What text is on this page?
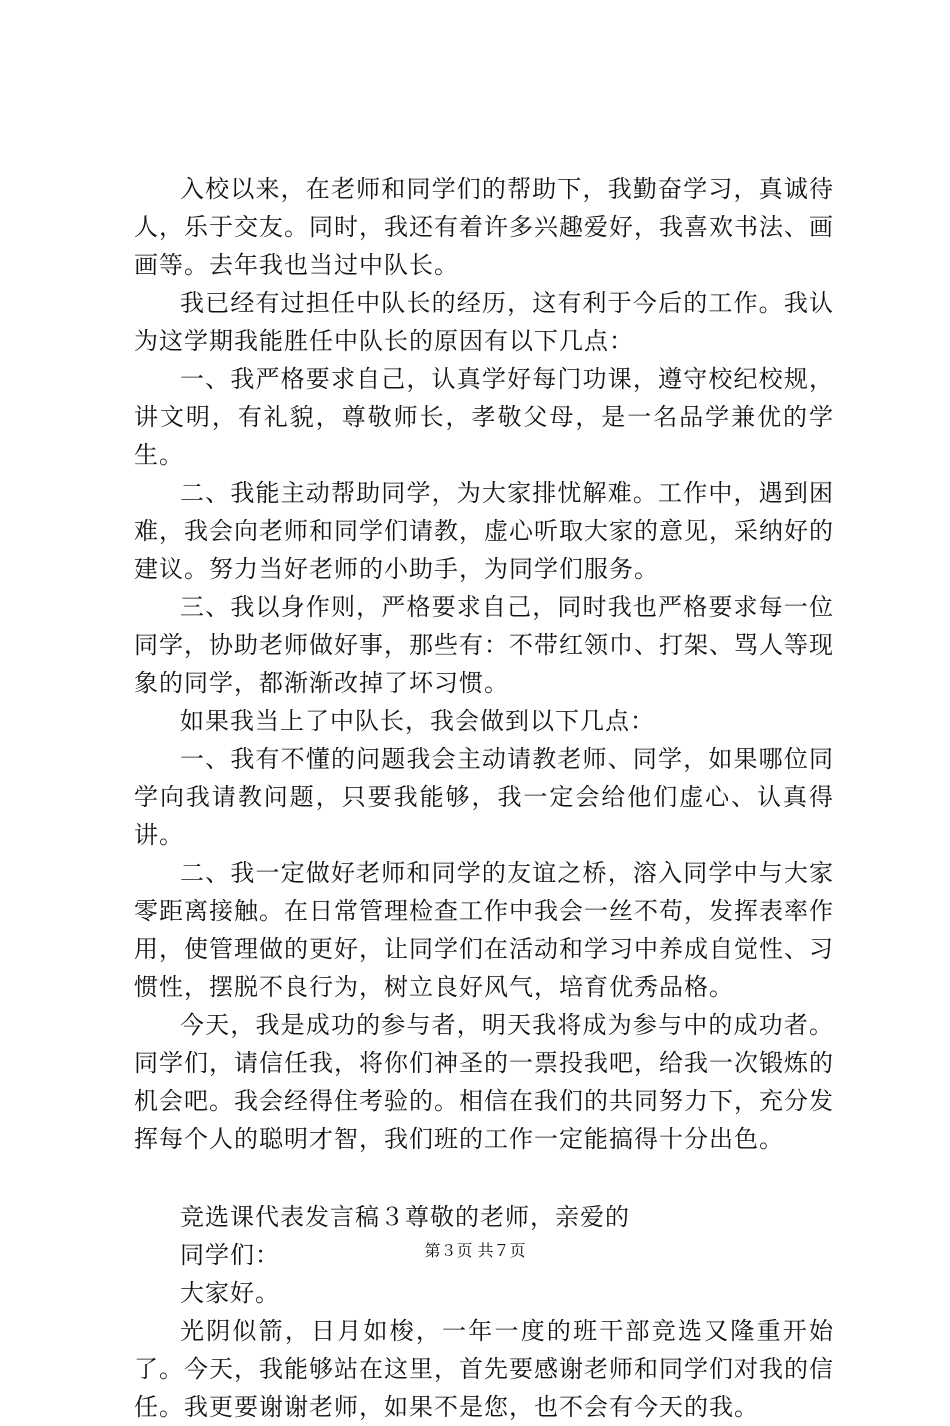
入校以来，在老师和同学们的帮助下，我勤奋学习，真诚待人，乐于交友。同时，我还有着许多兴趣爱好，我喜欢书法、画画等。去年我也当过中队长。

我已经有过担任中队长的经历，这有利于今后的工作。我认为这学期我能胜任中队长的原因有以下几点：

一、我严格要求自己，认真学好每门功课，遵守校纪校规，讲文明，有礼貌，尊敬师长，孝敬父母，是一名品学兼优的学生。

二、我能主动帮助同学，为大家排忧解难。工作中，遇到困难，我会向老师和同学们请教，虚心听取大家的意见，采纳好的建议。努力当好老师的小助手，为同学们服务。

三、我以身作则，严格要求自己，同时我也严格要求每一位同学，协助老师做好事，那些有：不带红领巾、打架、骂人等现象的同学，都渐渐改掉了坏习惯。

如果我当上了中队长，我会做到以下几点：

一、我有不懂的问题我会主动请教老师、同学，如果哪位同学向我请教问题，只要我能够，我一定会给他们虚心、认真得讲。

二、我一定做好老师和同学的友谊之桥，溶入同学中与大家零距离接触。在日常管理检查工作中我会一丝不苟，发挥表率作用，使管理做的更好，让同学们在活动和学习中养成自觉性、习惯性，摆脱不良行为，树立良好风气，培育优秀品格。

今天，我是成功的参与者，明天我将成为参与中的成功者。同学们，请信任我，将你们神圣的一票投我吧，给我一次锻炼的机会吧。我会经得住考验的。相信在我们的共同努力下，充分发挥每个人的聪明才智，我们班的工作一定能搞得十分出色。

竞选课代表发言稿３尊敬的老师，亲爱的

同学们：

大家好。

光阴似箭，日月如梭，一年一度的班干部竞选又隆重开始了。今天，我能够站在这里，首先要感谢老师和同学们对我的信任。我更要谢谢老师，如果不是您，也不会有今天的我。

第３页 共７页
